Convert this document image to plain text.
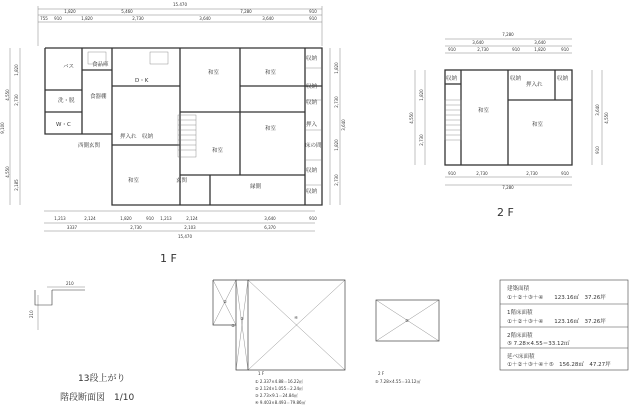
15.470
1,820	5,460	7,280	910
755 910	1,820	2,730	3,640	3,640	910
1,820
2,730
4,550
9,100
4,550
2,185
1,213	2,124	1,820	910 1,213	2,124	3,640	910
3337	2,730	2,103	6,370
15,470
1,820
2,730
3,640
1,820
2,730
バス	食品庫
D・K
洗・脱
食器棚
W・C
西側玄関
押入れ 収納
和室
和室	和室
和室
和室
玄関
縁側
床の間
押入
収納
収納
収納
収納
収納
1 F
7,280
3,640	3,640
910	2,730	910	1,820	910
4,550
1,820
2,730
4,550
3,640
910
910	2,730	2,730	910
7,280
収納	収納	収納
押入れ
和室
和室
2 F
210
210
13段上がり
階段断面図　1/10
①
②
③	④
⑤
1 F
① 2.337×4.88＝16.22㎡
② 2.124×1.055＝2.24㎡
③ 2.73×9.1＝24.84㎡
④ 9.403×8.493＝79.86㎡
2 F
⑤ 7.28×4.55＝33.12㎡
建築面積
①＋②＋③＋④　　123.16㎡　37.26坪
1階床面積
①＋②＋③＋④　　123.16㎡　37.26坪
2階床面積
⑤ 7.28×4.55＝33.12㎡
延べ床面積
①＋②＋③＋④＋⑤　156.28㎡　47.27坪
